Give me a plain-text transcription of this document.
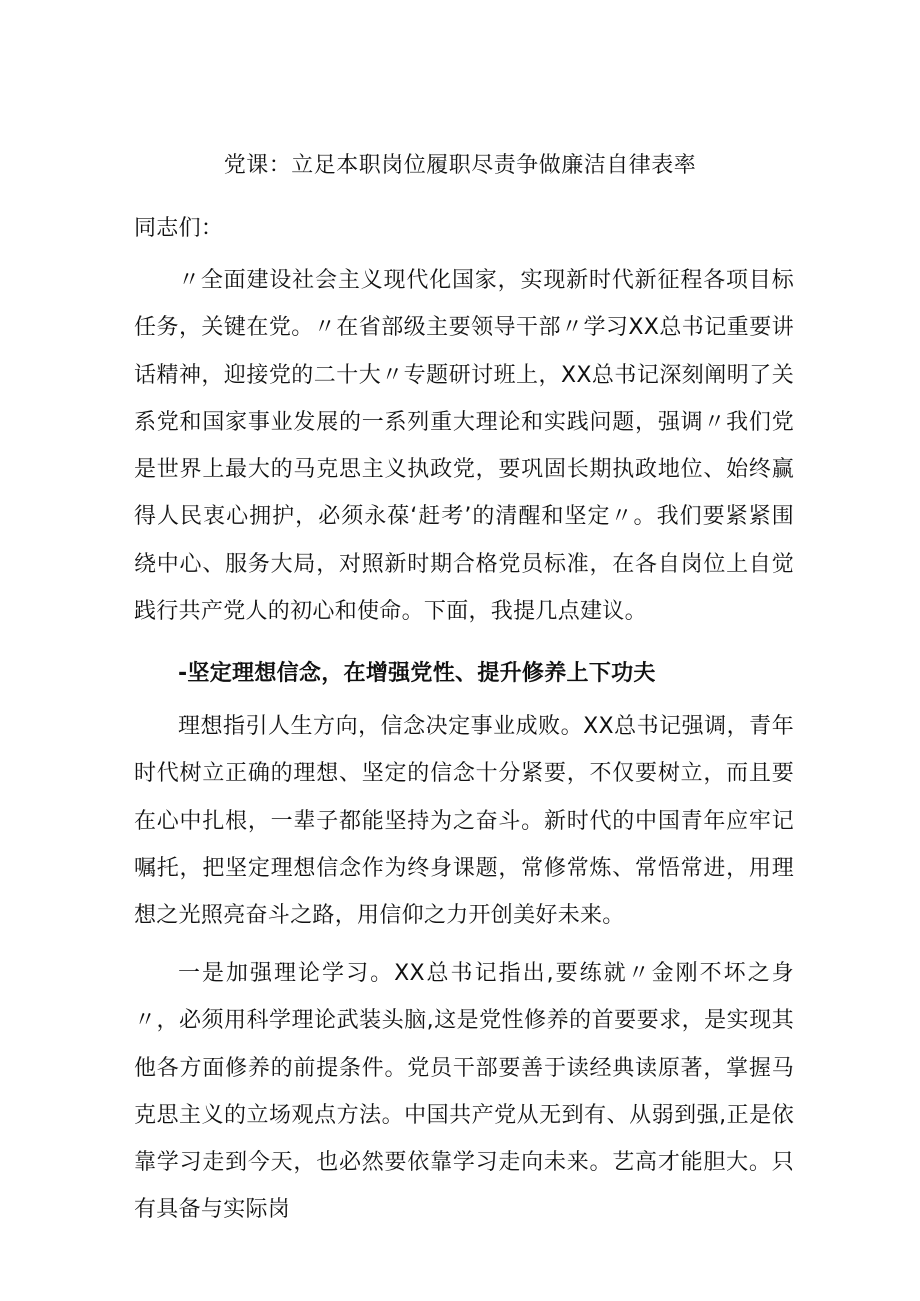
党课：立足本职岗位履职尽责争做廉洁自律表率

同志们：

〃全面建设社会主义现代化国家，实现新时代新征程各项目标任务，关键在党。〃在省部级主要领导干部〃学习XX总书记重要讲话精神，迎接党的二十大〃专题研讨班上，XX总书记深刻阐明了关系党和国家事业发展的一系列重大理论和实践问题，强调〃我们党是世界上最大的马克思主义执政党，要巩固长期执政地位、始终赢得人民衷心拥护，必须永葆‘赶考’的清醒和坚定〃。我们要紧紧围绕中心、服务大局，对照新时期合格党员标准，在各自岗位上自觉践行共产党人的初心和使命。下面，我提几点建议。

-坚定理想信念，在增强党性、提升修养上下功夫

理想指引人生方向，信念决定事业成败。XX总书记强调，青年时代树立正确的理想、坚定的信念十分紧要，不仅要树立，而且要在心中扎根，一辈子都能坚持为之奋斗。新时代的中国青年应牢记嘱托，把坚定理想信念作为终身课题，常修常炼、常悟常进，用理想之光照亮奋斗之路，用信仰之力开创美好未来。

一是加强理论学习。XX总书记指出,要练就〃金刚不坏之身〃，必须用科学理论武装头脑,这是党性修养的首要要求，是实现其他各方面修养的前提条件。党员干部要善于读经典读原著，掌握马克思主义的立场观点方法。中国共产党从无到有、从弱到强,正是依靠学习走到今天，也必然要依靠学习走向未来。艺高才能胆大。只有具备与实际岗
